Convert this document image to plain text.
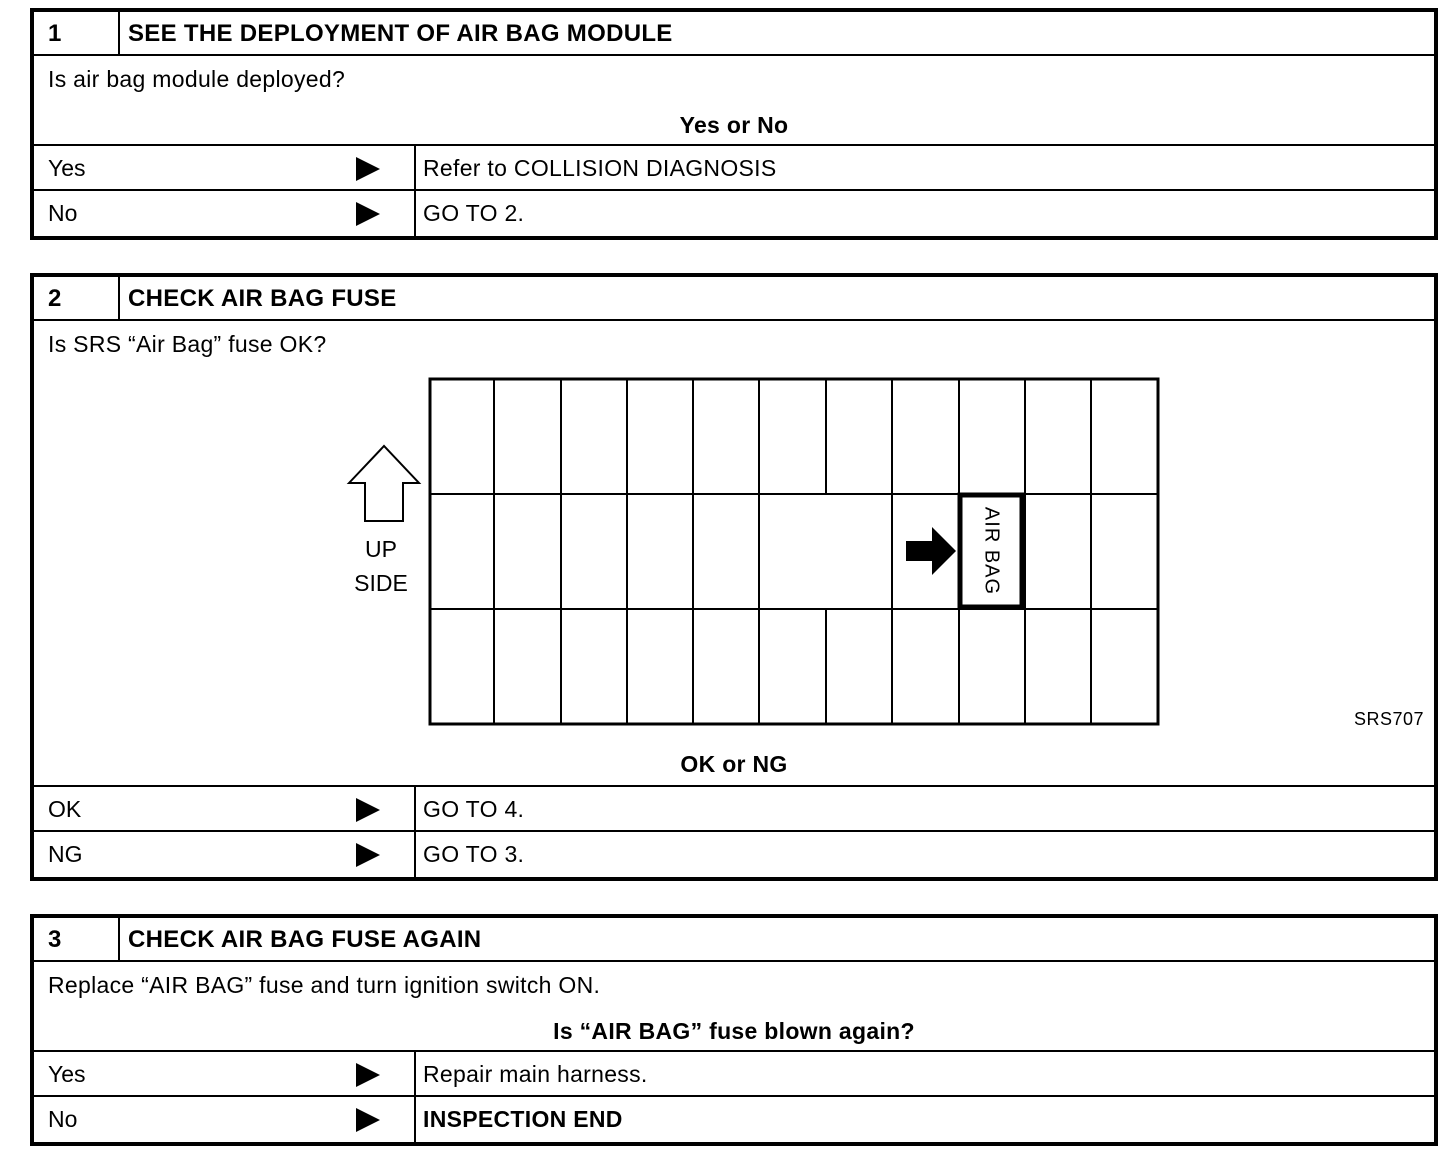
1	SEE THE DEPLOYMENT OF AIR BAG MODULE
Is air bag module deployed?
Yes or No
Yes	Refer to COLLISION DIAGNOSIS
No	GO TO 2.
2	CHECK AIR BAG FUSE
Is SRS “Air Bag” fuse OK?
UP
SIDE	AIR BAG
SRS707
OK or NG
OK	GO TO 4.
NG	GO TO 3.
3	CHECK AIR BAG FUSE AGAIN
Replace “AIR BAG” fuse and turn ignition switch ON.
Is “AIR BAG” fuse blown again?
Yes	Repair main harness.
No	INSPECTION END
